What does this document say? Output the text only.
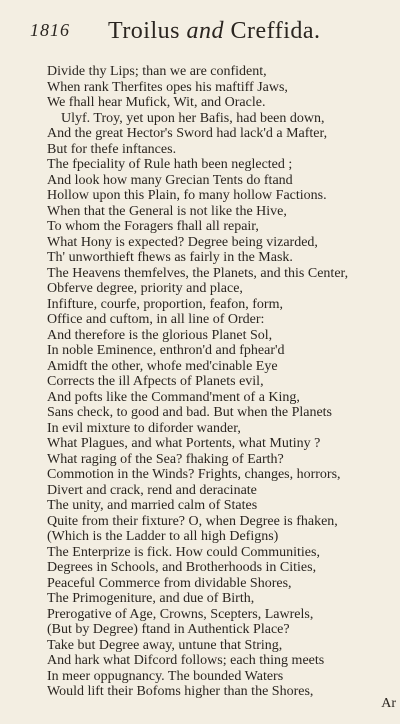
1816 Troilus and Creffida.
Divide thy Lips; than we are confident,
When rank Therfites opes his maftiff Jaws,
We fhall hear Mufick, Wit, and Oracle.
Ulyf. Troy, yet upon her Bafis, had been down,
And the great Hector's Sword had lack'd a Mafter,
But for thefe inftances.
The fpeciality of Rule hath been neglected ;
And look how many Grecian Tents do ftand
Hollow upon this Plain, fo many hollow Factions.
When that the General is not like the Hive,
To whom the Foragers fhall all repair,
What Hony is expected? Degree being vizarded,
Th' unworthieft fhews as fairly in the Mask.
The Heavens themfelves, the Planets, and this Center,
Obferve degree, priority and place,
Infifture, courfe, proportion, feafon, form,
Office and cuftom, in all line of Order:
And therefore is the glorious Planet Sol,
In noble Eminence, enthron'd and fphear'd
Amidft the other, whofe med'cinable Eye
Corrects the ill Afpects of Planets evil,
And pofts like the Command'ment of a King,
Sans check, to good and bad. But when the Planets
In evil mixture to diforder wander,
What Plagues, and what Portents, what Mutiny ?
What raging of the Sea? fhaking of Earth?
Commotion in the Winds? Frights, changes, horrors,
Divert and crack, rend and deracinate
The unity, and married calm of States
Quite from their fixture? O, when Degree is fhaken,
(Which is the Ladder to all high Defigns)
The Enterprize is fick. How could Communities,
Degrees in Schools, and Brotherhoods in Cities,
Peaceful Commerce from dividable Shores,
The Primogeniture, and due of Birth,
Prerogative of Age, Crowns, Scepters, Lawrels,
(But by Degree) ftand in Authentick Place?
Take but Degree away, untune that String,
And hark what Difcord follows; each thing meets
In meer oppugnancy. The bounded Waters
Would lift their Bofoms higher than the Shores,
Ar
